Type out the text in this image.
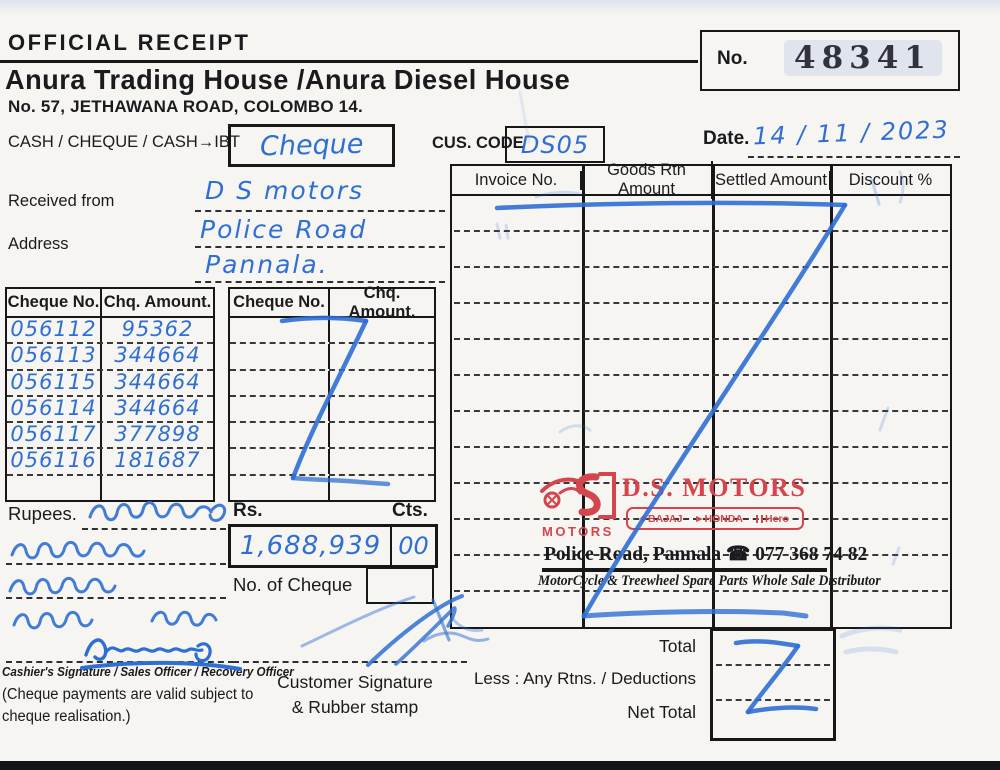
OFFICIAL RECEIPT
Anura Trading House /Anura Diesel House
No. 57, JETHAWANA ROAD, COLOMBO 14.
No.	48341
CASH / CHEQUE / CASH→IBT Cheque	CUS. CODE
DS05	Date. 14 / 11 / 2023
Received from	D S motors
Address	Police Road
Pannala.
Cheque No. Chq. Amount.
056112	95362
056113 344664
056115 344664
056114 344664
056117 377898
056116 181687
Cheque No.
Chq. Amount.
Rupees.	Rs.	Cts.
1,688,939 00
No. of Cheque
Invoice No.
Goods Rtn Amount
Settled Amount	Discount %
MOTORS
D.S. MOTORS
BAJAJ HONDA Hero
Police Road, Pannala ☎ 077 368 74 82
MotorCycle & Treewheel Spare Parts Whole Sale Distributor
Total
Less : Any Rtns. / Deductions
Net Total
Cashier's Signature / Sales Officer / Recovery Officer
(Cheque payments are valid subject to
cheque realisation.)
Customer Signature
& Rubber stamp
